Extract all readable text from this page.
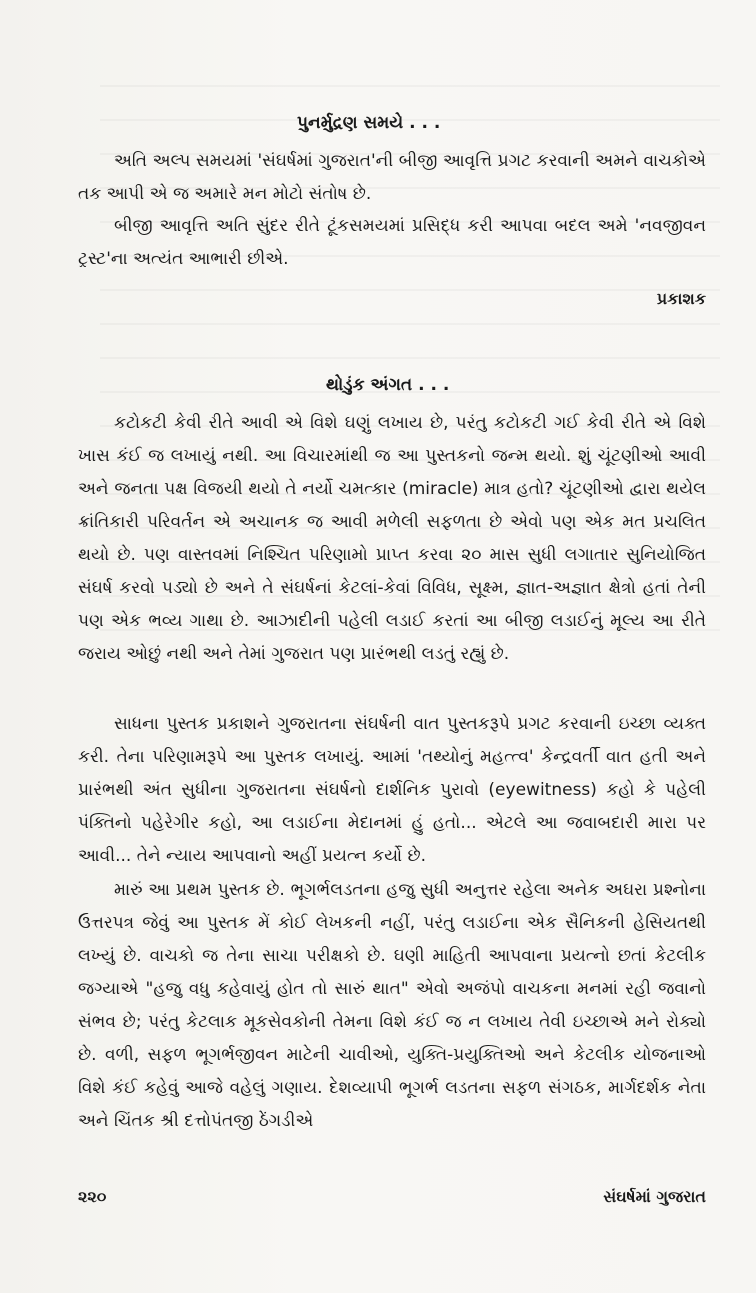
પુનર્મુદ્રણ સમયે . . .

અતિ અલ્પ સમયમાં 'સંઘર્ષમાં ગુજરાત'ની બીજી આવૃત્તિ પ્રગટ કરવાની અમને વાચકોએ તક આપી એ જ અમારે મન મોટો સંતોષ છે.

બીજી આવૃત્તિ અતિ સુંદર રીતે ટૂંકસમયમાં પ્રસિદ્ધ કરી આપવા બદલ અમે 'નવજીવન ટ્રસ્ટ'ના અત્યંત આભારી છીએ.

પ્રકાશક
થોડુંક અંગત . . .

કટોકટી કેવી રીતે આવી એ વિશે ઘણું લખાય છે, પરંતુ કટોકટી ગઈ કેવી રીતે એ વિશે ખાસ કંઈ જ લખાયું નથી. આ વિચારમાંથી જ આ પુસ્તકનો જન્મ થયો. શું ચૂંટણીઓ આવી અને જનતા પક્ષ વિજયી થયો તે નર્યો ચમત્કાર (miracle) માત્ર હતો? ચૂંટણીઓ દ્વારા થયેલ ક્રાંતિકારી પરિવર્તન એ અચાનક જ આવી મળેલી સફળતા છે એવો પણ એક મત પ્રચલિત થયો છે. પણ વાસ્તવમાં નિશ્ચિત પરિણામો પ્રાપ્ત કરવા ૨૦ માસ સુધી લગાતાર સુનિયોજિત સંઘર્ષ કરવો પડ્યો છે અને તે સંઘર્ષનાં કેટલાં-કેવાં વિવિધ, સૂક્ષ્મ, જ્ઞાત-અજ્ઞાત ક્ષેત્રો હતાં તેની પણ એક ભવ્ય ગાથા છે. આઝાદીની પહેલી લડાઈ કરતાં આ બીજી લડાઈનું મૂલ્ય આ રીતે જરાય ઓછું નથી અને તેમાં ગુજરાત પણ પ્રારંભથી લડતું રહ્યું છે.

સાધના પુસ્તક પ્રકાશને ગુજરાતના સંઘર્ષની વાત પુસ્તકરૂપે પ્રગટ કરવાની ઇચ્છા વ્યક્ત કરી. તેના પરિણામરૂપે આ પુસ્તક લખાયું. આમાં 'તથ્યોનું મહત્ત્વ' કેન્દ્રવર્તી વાત હતી અને પ્રારંભથી અંત સુધીના ગુજરાતના સંઘર્ષનો દાર્શનિક પુરાવો (eyewitness) કહો કે પહેલી પંક્તિનો પહેરેગીર કહો, આ લડાઈના મેદાનમાં હું હતો... એટલે આ જવાબદારી મારા પર આવી... તેને ન્યાય આપવાનો અહીં પ્રયત્ન કર્યો છે.

મારું આ પ્રથમ પુસ્તક છે. ભૂગર્ભલડતના હજુ સુધી અનુત્તર રહેલા અનેક અઘરા પ્રશ્નોના ઉત્તરપત્ર જેવું આ પુસ્તક મેં કોઈ લેખકની નહીં, પરંતુ લડાઈના એક સૈનિકની હેસિયતથી લખ્યું છે. વાચકો જ તેના સાચા પરીક્ષકો છે. ઘણી માહિતી આપવાના પ્રયત્નો છતાં કેટલીક જગ્યાએ "હજુ વધુ કહેવાયું હોત તો સારું થાત" એવો અજંપો વાચકના મનમાં રહી જવાનો સંભવ છે; પરંતુ કેટલાક મૂકસેવકોની તેમના વિશે કંઈ જ ન લખાય તેવી ઇચ્છાએ મને રોક્યો છે. વળી, સફળ ભૂગર્ભજીવન માટેની ચાવીઓ, યુક્તિ-પ્રયુક્તિઓ અને કેટલીક યોજનાઓ વિશે કંઈ કહેવું આજે વહેલું ગણાય. દેશવ્યાપી ભૂગર્ભ લડતના સફળ સંગઠક, માર્ગદર્શક નેતા અને ચિંતક શ્રી દત્તોપંતજી ઠેંગડીએ

૨૨૦	સંઘર્ષમાં ગુજરાત
